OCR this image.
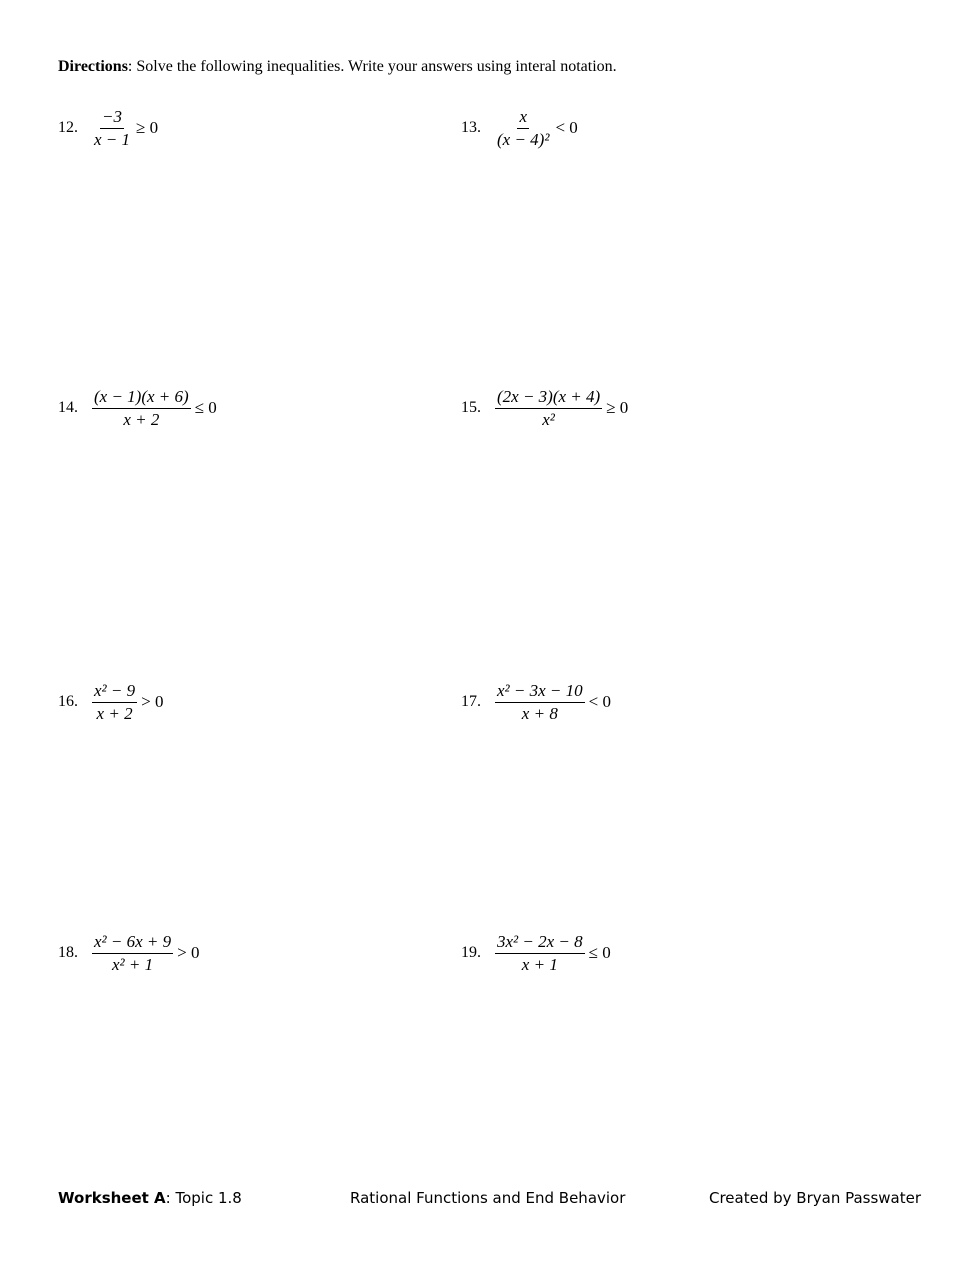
Directions: Solve the following inequalities. Write your answers using interal notation.
12. $\frac{-3}{x - 1} \ge 0$	13. $\frac{x}{\text{(x − 4)²}} < 0$
14. $\frac{(x - 1)(x + 6)}{x + 2} \le 0$	15. $\frac{(2x - 3)(x + 4)}{\text{x²}} \ge 0$
16. $\frac{\text{x² − 9}}{x + 2} > 0$	17. $\frac{\text{x² − 3x − 10}}{x + 8} < 0$
18. $\frac{\text{x² − 6x + 9}}{\text{x² + 1}} > 0$	19. $\frac{\text{3x² − 2x − 8}}{x + 1} \le 0$
Worksheet A: Topic 1.8	Rational Functions and End Behavior	Created by Bryan Passwater
